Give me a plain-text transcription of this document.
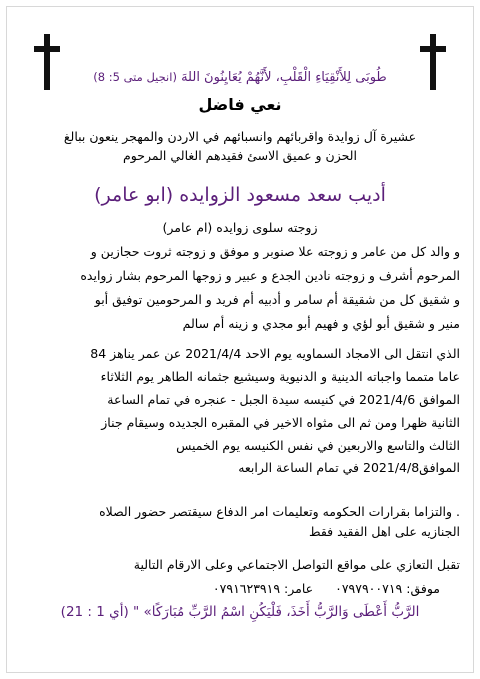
طُوبَى لِلأَنْقِيَاءِ الْقَلْبِ، لأَنَّهُمْ يُعَايِنُونَ اللهَ (انجيل متى 5: 8)
نعي فاضل
عشيرة آل زوايدة واقربائهم وانسبائهم في الاردن والمهجر ينعون ببالغ
الحزن و عميق الاسئ فقيدهم الغالي المرحوم
أديب سعد مسعود الزوايده (ابو عامر)
زوجته سلوى زوايده (ام عامر)
و والد كل من عامر و زوجته علا صنوبر و موفق و زوجته ثروت حجازين و
المرحوم أشرف و زوجته نادين الجدع و عبير و زوجها المرحوم بشار زوايده
و شقيق كل من شقيقة أم سامر و أدبيه أم فريد و المرحومين توفيق أبو
منير و شقيق أبو لؤي و فهيم أبو مجدي و زينه أم سالم
الذي انتقل الى الامجاد السماويه يوم الاحد 2021/4/4 عن عمر يناهز 84
عاما متمما واجباته الدينية و الدنيوية وسيشيع جثمانه الطاهر يوم الثلاثاء
الموافق 2021/4/6 في كنيسه سيدة الجبل - عنجره في تمام الساعة
الثانية ظهرا ومن ثم الى مثواه الاخير في المقبره الجديده وسيقام جناز
الثالث والتاسع والاربعين في نفس الكنيسه يوم الخميس
الموافق2021/4/8 في تمام الساعة الرابعه
. والتزاما بقرارات الحكومه وتعليمات امر الدفاع سيقتصر حضور الصلاه
الجنازيه على اهل الفقيد فقط
تقبل التعازي على مواقع التواصل الاجتماعي وعلى الارقام التالية
موفق: ٠٧٩٧٩٠٠٧١٩ عامر: ٠٧٩١٦٢٣٩١٩
الرَّبُّ أَعْطَى وَالرَّبُّ أَخَذَ، فَلْيَكُنِ اسْمُ الرَّبِّ مُبَارَكًا» " (أي 1 : 21)
